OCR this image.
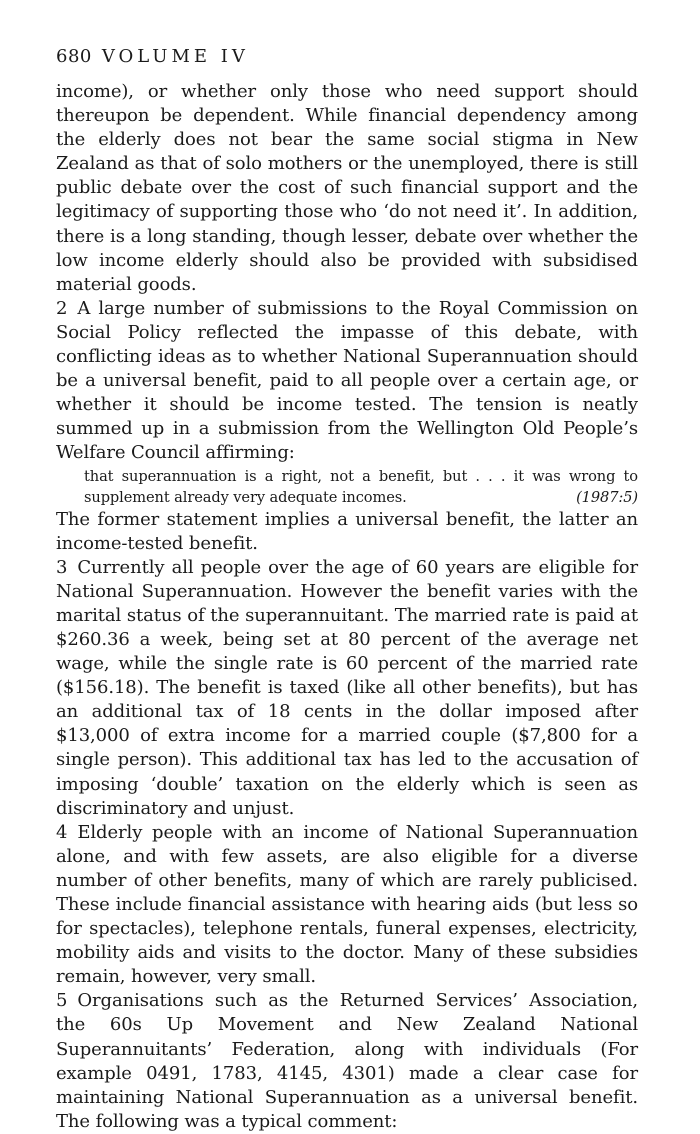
680 VOLUME IV

income), or whether only those who need support should thereupon be dependent. While financial dependency among the elderly does not bear the same social stigma in New Zealand as that of solo mothers or the unemployed, there is still public debate over the cost of such financial support and the legitimacy of supporting those who ‘do not need it’. In addition, there is a long standing, though lesser, debate over whether the low income elderly should also be provided with subsidised material goods.

2 A large number of submissions to the Royal Commission on Social Policy reflected the impasse of this debate, with conflicting ideas as to whether National Superannuation should be a universal benefit, paid to all people over a certain age, or whether it should be income tested. The tension is neatly summed up in a submission from the Wellington Old People’s Welfare Council affirming:

that superannuation is a right, not a benefit, but . . . it was wrong to supplement already very adequate incomes.	(1987:5)

The former statement implies a universal benefit, the latter an income-tested benefit.

3 Currently all people over the age of 60 years are eligible for National Superannuation. However the benefit varies with the marital status of the superannuitant. The married rate is paid at $260.36 a week, being set at 80 percent of the average net wage, while the single rate is 60 percent of the married rate ($156.18). The benefit is taxed (like all other benefits), but has an additional tax of 18 cents in the dollar imposed after $13,000 of extra income for a married couple ($7,800 for a single person). This additional tax has led to the accusation of imposing ‘double’ taxation on the elderly which is seen as discriminatory and unjust.

4 Elderly people with an income of National Superannuation alone, and with few assets, are also eligible for a diverse number of other benefits, many of which are rarely publicised. These include financial assistance with hearing aids (but less so for spectacles), telephone rentals, funeral expenses, electricity, mobility aids and visits to the doctor. Many of these subsidies remain, however, very small.

5 Organisations such as the Returned Services’ Association, the 60s Up Movement and New Zealand National Superannuitants’ Federation, along with individuals (For example 0491, 1783, 4145, 4301) made a clear case for maintaining National Superannuation as a universal benefit. The following was a typical comment:
